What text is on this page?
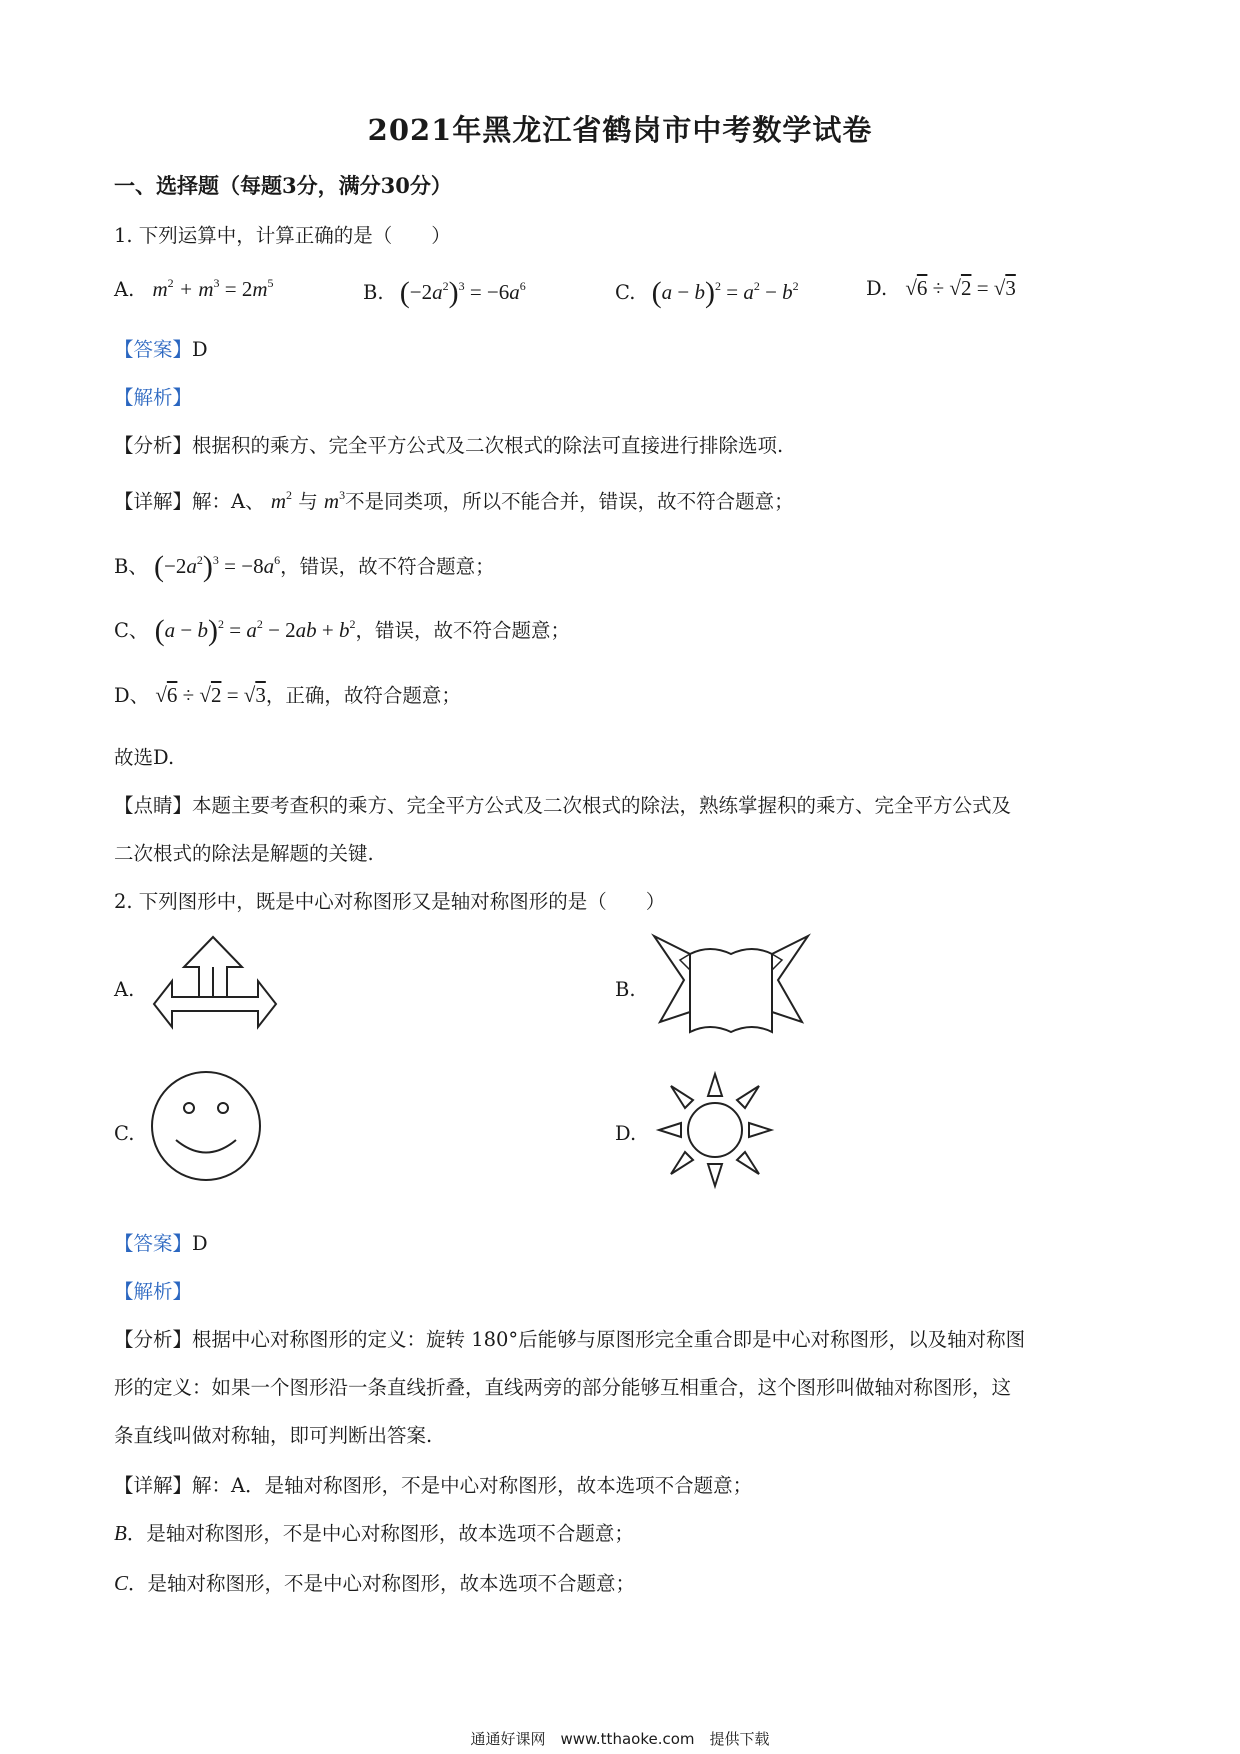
2021年黑龙江省鹤岗市中考数学试卷
一、选择题（每题3分，满分30分）
1. 下列运算中，计算正确的是（　　）
A. $m^2 + m^3 = 2m^5$	B. $(-2a^2)^3 = -6a^6$	C. $(a - b)^2 = a^2 - b^2$	D. √6 ÷ √2 = √3
【答案】D
【解析】
【分析】根据积的乘方、完全平方公式及二次根式的除法可直接进行排除选项.
【详解】解：A、 $m^2$ 与 $m^3$不是同类项，所以不能合并，错误，故不符合题意；
B、 $(-2a^2)^3 = -8a^6$，错误，故不符合题意；
C、 $(a - b)^2 = a^2 - 2ab + b^2$，错误，故不符合题意；
D、 √6 ÷ √2 = √3，正确，故符合题意；
故选D.
【点睛】本题主要考查积的乘方、完全平方公式及二次根式的除法，熟练掌握积的乘方、完全平方公式及
二次根式的除法是解题的关键.
2. 下列图形中，既是中心对称图形又是轴对称图形的是（　　）
A.	B.
C.	D.
【答案】D
【解析】
【分析】根据中心对称图形的定义：旋转 180°后能够与原图形完全重合即是中心对称图形，以及轴对称图
形的定义：如果一个图形沿一条直线折叠，直线两旁的部分能够互相重合，这个图形叫做轴对称图形，这
条直线叫做对称轴，即可判断出答案.
【详解】解：A．是轴对称图形，不是中心对称图形，故本选项不合题意；
B．是轴对称图形，不是中心对称图形，故本选项不合题意；
C．是轴对称图形，不是中心对称图形，故本选项不合题意；
通通好课网　www.tthaoke.com　提供下载
